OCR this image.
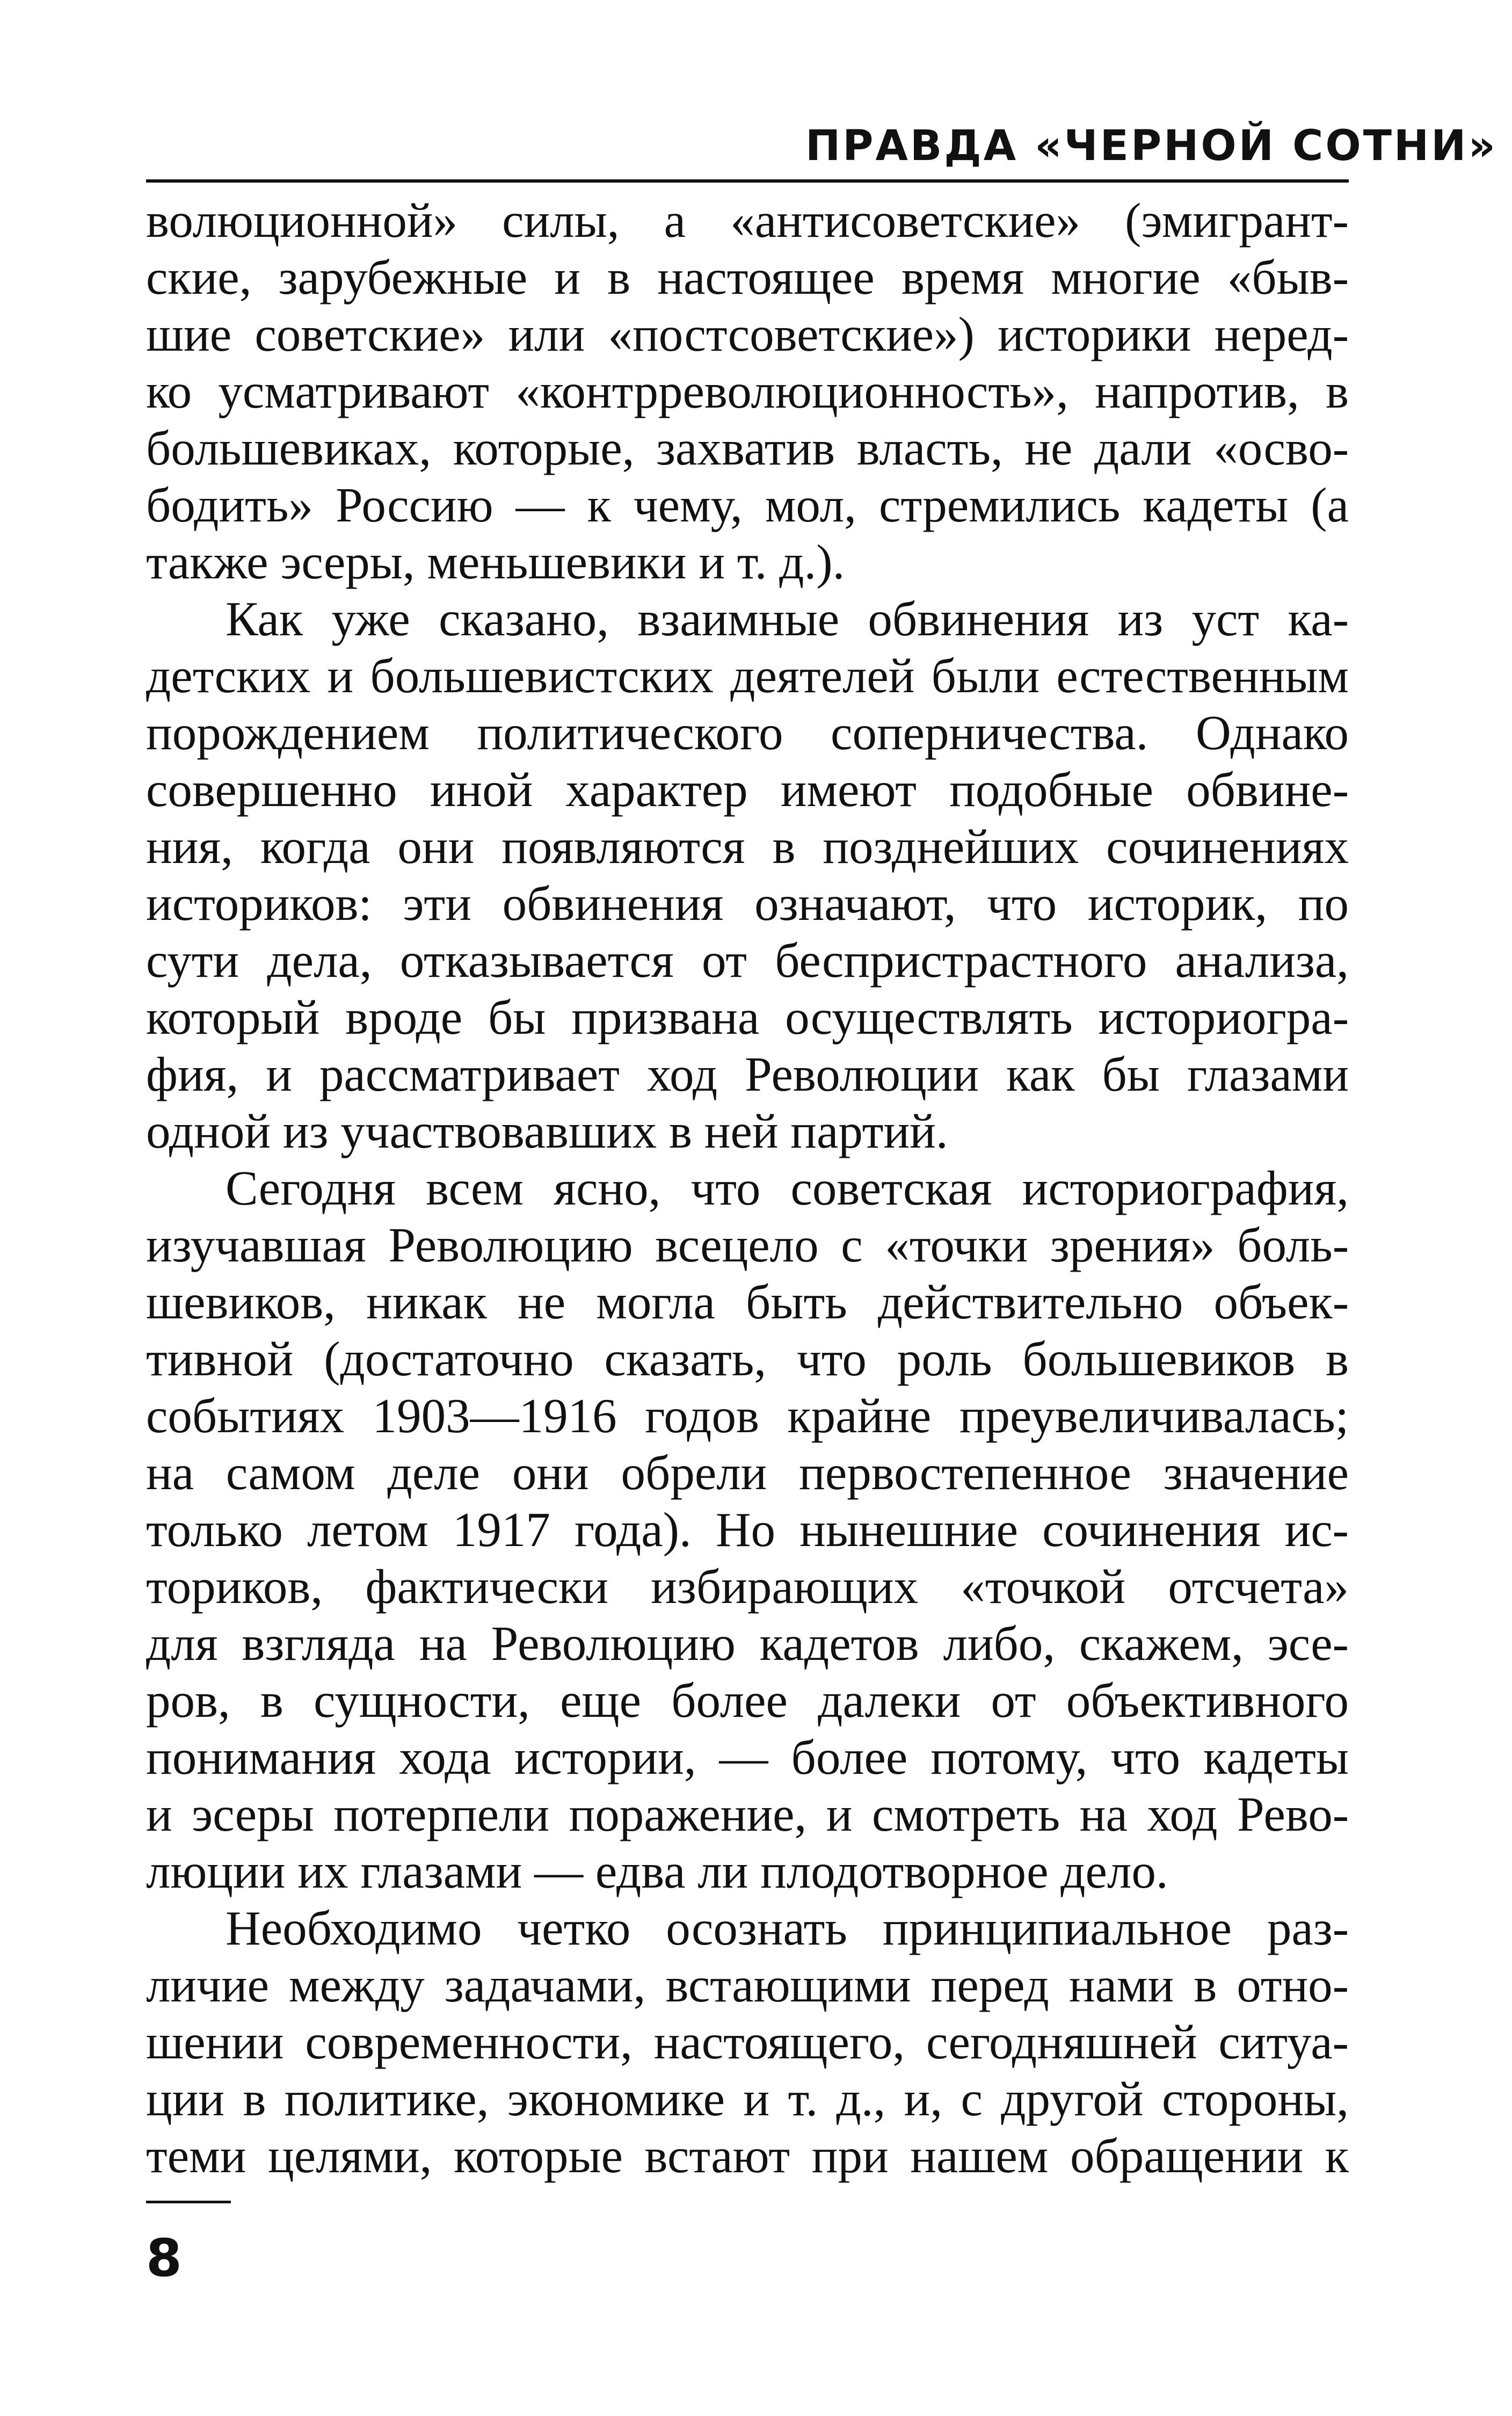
ПРАВДА «ЧЕРНОЙ СОТНИ»
волюционной» силы, а «антисоветские» (эмигрант-
ские, зарубежные и в настоящее время многие «быв-
шие советские» или «постсоветские») историки неред-
ко усматривают «контрреволюционность», напротив, в
большевиках, которые, захватив власть, не дали «осво-
бодить» Россию — к чему, мол, стремились кадеты (а
также эсеры, меньшевики и т. д.).
Как уже сказано, взаимные обвинения из уст ка-
детских и большевистских деятелей были естественным
порождением политического соперничества. Однако
совершенно иной характер имеют подобные обвине-
ния, когда они появляются в позднейших сочинениях
историков: эти обвинения означают, что историк, по
сути дела, отказывается от беспристрастного анализа,
который вроде бы призвана осуществлять историогра-
фия, и рассматривает ход Революции как бы глазами
одной из участвовавших в ней партий.
Сегодня всем ясно, что советская историография,
изучавшая Революцию всецело с «точки зрения» боль-
шевиков, никак не могла быть действительно объек-
тивной (достаточно сказать, что роль большевиков в
событиях 1903—1916 годов крайне преувеличивалась;
на самом деле они обрели первостепенное значение
только летом 1917 года). Но нынешние сочинения ис-
ториков, фактически избирающих «точкой отсчета»
для взгляда на Революцию кадетов либо, скажем, эсе-
ров, в сущности, еще более далеки от объективного
понимания хода истории, — более потому, что кадеты
и эсеры потерпели поражение, и смотреть на ход Рево-
люции их глазами — едва ли плодотворное дело.
Необходимо четко осознать принципиальное раз-
личие между задачами, встающими перед нами в отно-
шении современности, настоящего, сегодняшней ситуа-
ции в политике, экономике и т. д., и, с другой стороны,
теми целями, которые встают при нашем обращении к
8
